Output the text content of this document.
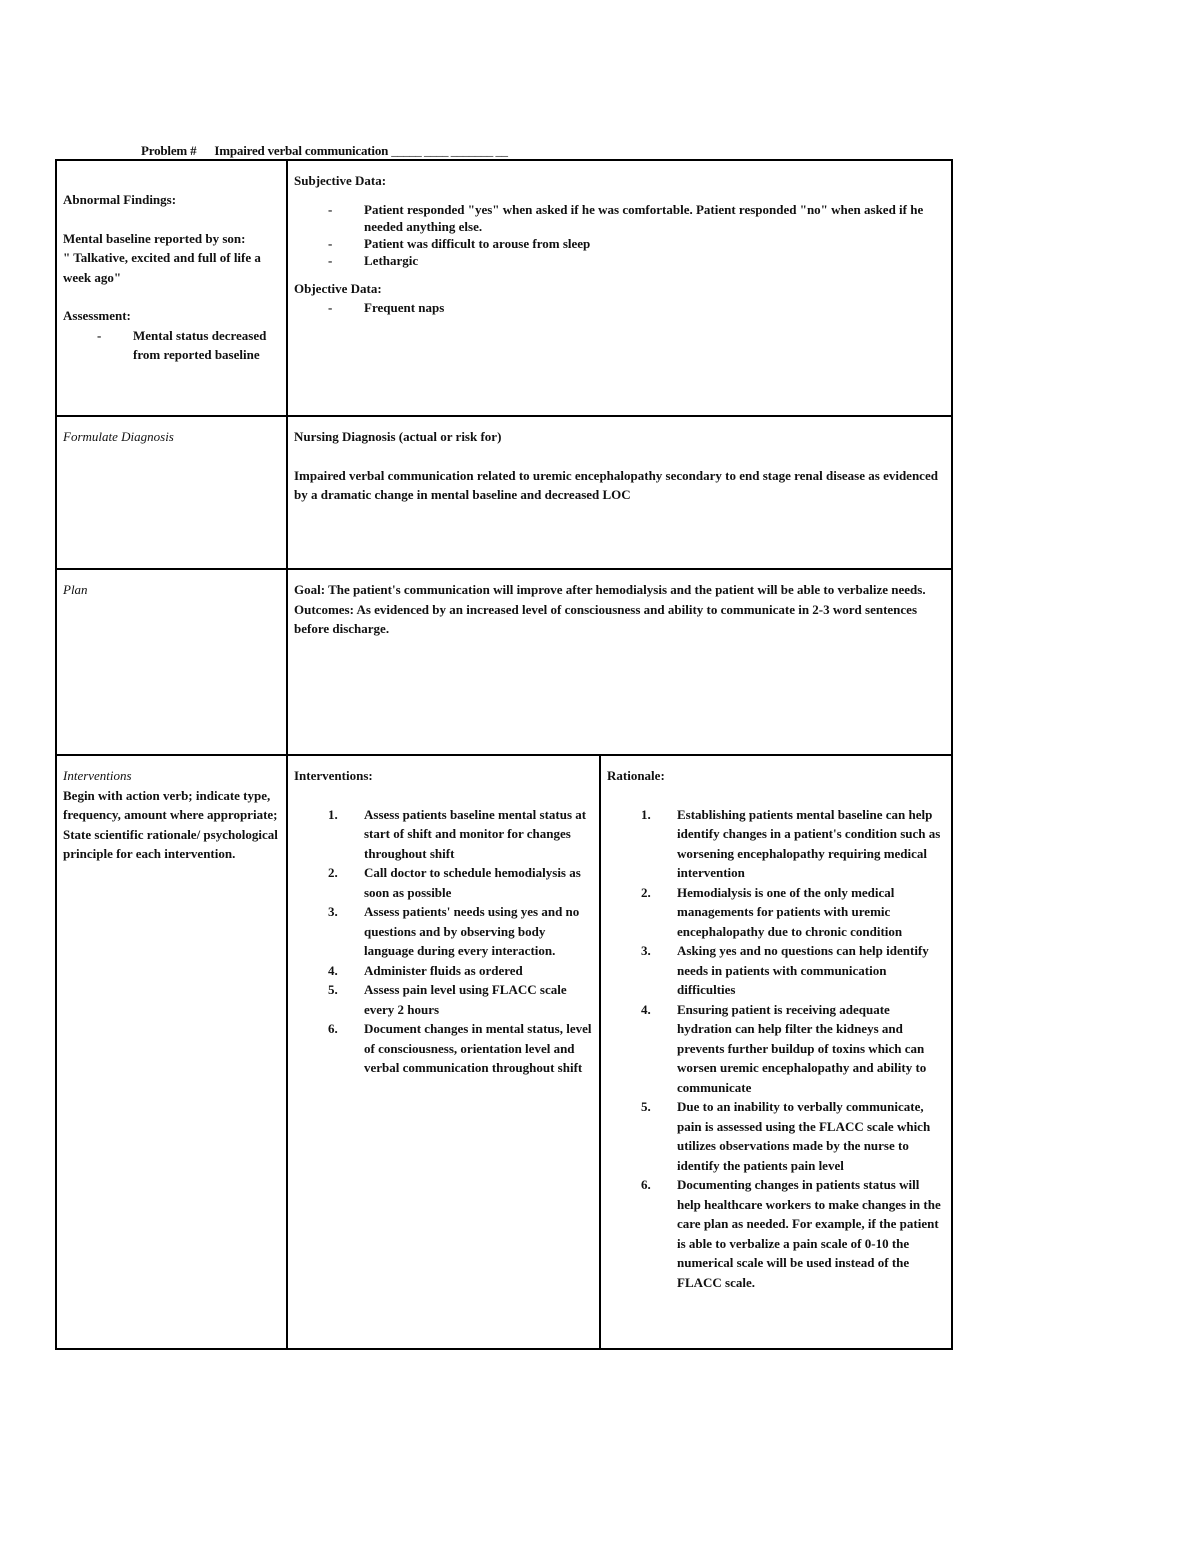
Problem # Impaired verbal communication _____ ____ _______ __
Abnormal Findings:
Mental baseline reported by son:
" Talkative, excited and full of life a week ago"
Assessment:
- Mental status decreased from reported baseline
Subjective Data:
- Patient responded "yes" when asked if he was comfortable. Patient responded "no" when asked if he needed anything else.
- Patient was difficult to arouse from sleep
- Lethargic
Objective Data:
- Frequent naps
Formulate Diagnosis	Nursing Diagnosis (actual or risk for)
Impaired verbal communication related to uremic encephalopathy secondary to end stage renal disease as evidenced by a dramatic change in mental baseline and decreased LOC
Plan	Goal: The patient's communication will improve after hemodialysis and the patient will be able to verbalize needs.
Outcomes: As evidenced by an increased level of consciousness and ability to communicate in 2-3 word sentences before discharge.
Interventions
Begin with action verb; indicate type, frequency, amount where appropriate;
State scientific rationale/ psychological principle for each intervention.
Interventions:
1. Assess patients baseline mental status at start of shift and monitor for changes throughout shift
2. Call doctor to schedule hemodialysis as soon as possible
3. Assess patients' needs using yes and no questions and by observing body language during every interaction.
4. Administer fluids as ordered
5. Assess pain level using FLACC scale every 2 hours
6. Document changes in mental status, level of consciousness, orientation level and verbal communication throughout shift
Rationale:
1. Establishing patients mental baseline can help identify changes in a patient's condition such as worsening encephalopathy requiring medical intervention
2. Hemodialysis is one of the only medical managements for patients with uremic encephalopathy due to chronic condition
3. Asking yes and no questions can help identify needs in patients with communication difficulties
4. Ensuring patient is receiving adequate hydration can help filter the kidneys and prevents further buildup of toxins which can worsen uremic encephalopathy and ability to communicate
5. Due to an inability to verbally communicate, pain is assessed using the FLACC scale which utilizes observations made by the nurse to identify the patients pain level
6. Documenting changes in patients status will help healthcare workers to make changes in the care plan as needed. For example, if the patient is able to verbalize a pain scale of 0-10 the numerical scale will be used instead of the FLACC scale.
